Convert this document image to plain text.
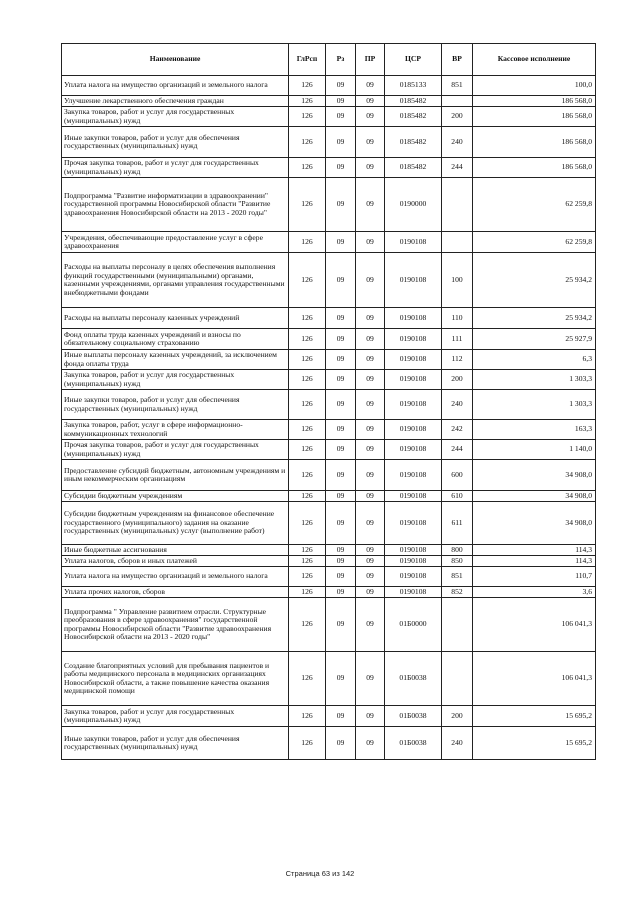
Наименование	ГлРсп	Рз	ПР	ЦСР	ВР	Кассовое исполнение
Уплата налога на имущество организаций и земельного налога	126	09	09	0185133	851	100,0
Улучшение лекарственного обеспечения граждан	126	09	09	0185482		186 568,0
Закупка товаров, работ и услуг для государственных (муниципальных) нужд	126	09	09	0185482	200	186 568,0
Иные закупки товаров, работ и услуг для обеспечения государственных (муниципальных) нужд	126	09	09	0185482	240	186 568,0
Прочая закупка товаров, работ и услуг для государственных (муниципальных) нужд	126	09	09	0185482	244	186 568,0
Подпрограмма "Развитие информатизации в здравоохранении" государственной программы Новосибирской области "Развитие здравоохранения Новосибирской области на 2013 - 2020 годы"	126	09	09	0190000		62 259,8
Учреждения, обеспечивающие предоставление услуг в сфере здравоохранения	126	09	09	0190108		62 259,8
Расходы на выплаты персоналу в целях обеспечения выполнения функций государственными (муниципальными) органами, казенными учреждениями, органами управления государственными внебюджетными фондами	126	09	09	0190108	100	25 934,2
Расходы на выплаты персоналу казенных учреждений	126	09	09	0190108	110	25 934,2
Фонд оплаты труда казенных учреждений и взносы по обязательному социальному страхованию	126	09	09	0190108	111	25 927,9
Иные выплаты персоналу казенных учреждений, за исключением фонда оплаты труда	126	09	09	0190108	112	6,3
Закупка товаров, работ и услуг для государственных (муниципальных) нужд	126	09	09	0190108	200	1 303,3
Иные закупки товаров, работ и услуг для обеспечения государственных (муниципальных) нужд	126	09	09	0190108	240	1 303,3
Закупка товаров, работ, услуг в сфере информационно-коммуникационных технологий	126	09	09	0190108	242	163,3
Прочая закупка товаров, работ и услуг для государственных (муниципальных) нужд	126	09	09	0190108	244	1 140,0
Предоставление субсидий бюджетным, автономным учреждениям и иным некоммерческим организациям	126	09	09	0190108	600	34 908,0
Субсидии бюджетным учреждениям	126	09	09	0190108	610	34 908,0
Субсидии бюджетным учреждениям на финансовое обеспечение государственного (муниципального) задания на оказание государственных (муниципальных) услуг (выполнение работ)	126	09	09	0190108	611	34 908,0
Иные бюджетные ассигнования	126	09	09	0190108	800	114,3
Уплата налогов, сборов и иных платежей	126	09	09	0190108	850	114,3
Уплата налога на имущество организаций и земельного налога	126	09	09	0190108	851	110,7
Уплата прочих налогов, сборов	126	09	09	0190108	852	3,6
Подпрограмма " Управление развитием отрасли. Структурные преобразования в сфере здравоохранения" государственной программы Новосибирской области "Развитие здравоохранения Новосибирской области на 2013 - 2020 годы"	126	09	09	01Б0000		106 041,3
Создание благоприятных условий для пребывания пациентов и работы медицинского персонала в медицинских организациях Новосибирской области, а также повышение качества оказания медицинской помощи	126	09	09	01Б0038		106 041,3
Закупка товаров, работ и услуг для государственных (муниципальных) нужд	126	09	09	01Б0038	200	15 695,2
Иные закупки товаров, работ и услуг для обеспечения государственных (муниципальных) нужд	126	09	09	01Б0038	240	15 695,2
Страница 63 из 142
